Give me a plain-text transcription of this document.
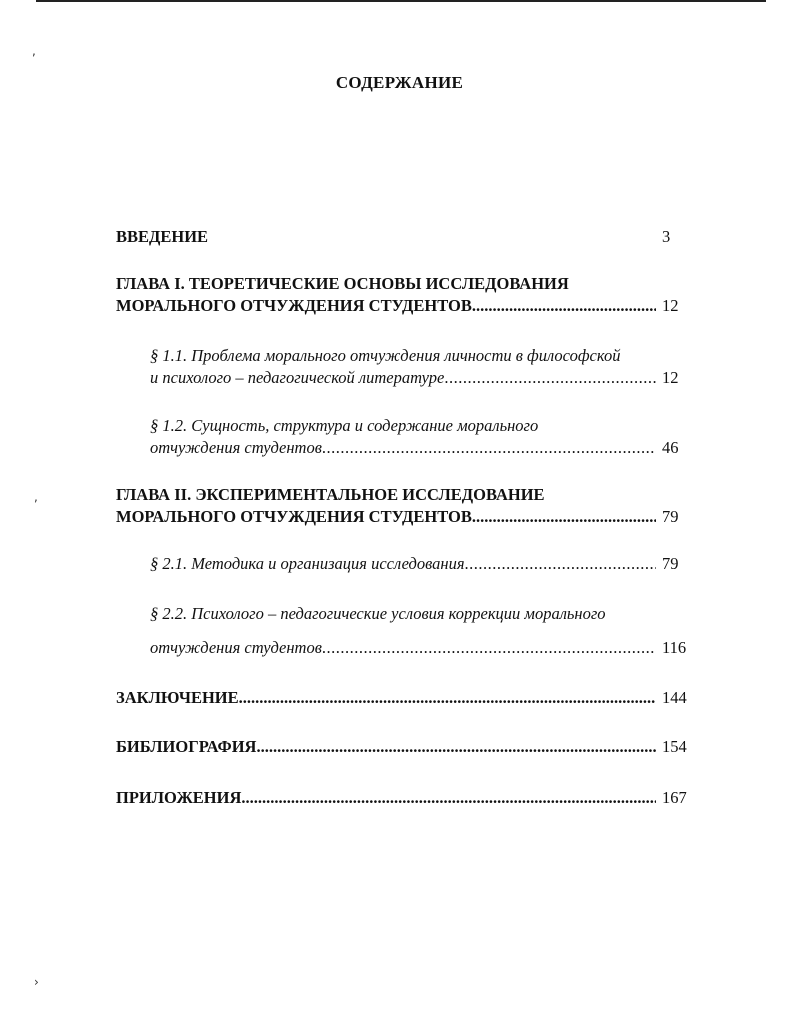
,
,
›
СОДЕРЖАНИЕ
ВВЕДЕНИЕ	3
ГЛАВА I. ТЕОРЕТИЧЕСКИЕ ОСНОВЫ ИССЛЕДОВАНИЯ
МОРАЛЬНОГО ОТЧУЖДЕНИЯ СТУДЕНТОВ .....	12
§ 1.1. Проблема морального отчуждения личности в философской
и психолого – педагогической литературе .....	12
§ 1.2. Сущность, структура и содержание морального
отчуждения студентов .....	46
ГЛАВА II. ЭКСПЕРИМЕНТАЛЬНОЕ ИССЛЕДОВАНИЕ
МОРАЛЬНОГО ОТЧУЖДЕНИЯ СТУДЕНТОВ .....	79
§ 2.1. Методика и организация исследования .....	79
§ 2.2. Психолого – педагогические условия коррекции морального
отчуждения студентов .....	116
ЗАКЛЮЧЕНИЕ .....	144
БИБЛИОГРАФИЯ .....	154
ПРИЛОЖЕНИЯ .....	167
